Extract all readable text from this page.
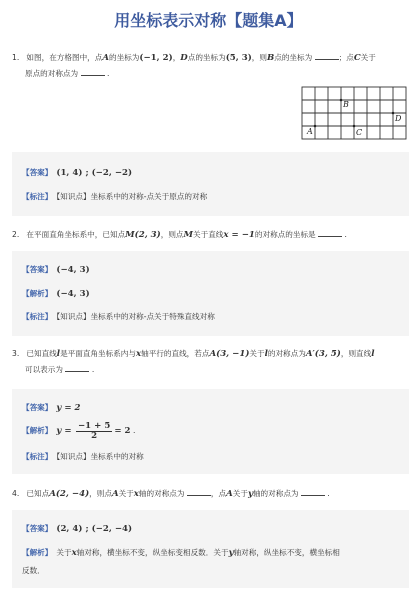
用坐标表示对称【题集A】
1. 如图，在方格图中，点A的坐标为(−1, 2)，D点的坐标为(5, 3)，则B点的坐标为	；点C关于
原点的对称点为	.
A
B
C
D
【答案】 (1, 4) ; (−2, −2)
【标注】 【知识点】坐标系中的对称-点关于原点的对称
2. 在平面直角坐标系中，已知点M(2, 3)，则点M关于直线x = −1的对称点的坐标是	.
【答案】 (−4, 3)
【解析】 (−4, 3)
【标注】 【知识点】坐标系中的对称-点关于特殊直线对称
3. 已知直线l是平面直角坐标系内与x轴平行的直线，若点A(3, −1)关于l的对称点为A′(3, 5)，则直线l
可以表示为	.
【答案】 y = 2
【解析】 $y = \frac{-1 + 5}{2} = 2$ .
【标注】 【知识点】坐标系中的对称
4. 已知点A(2, −4)，则点A关于x轴的对称点为	，点A关于y轴的对称点为	.
【答案】 (2, 4) ; (−2, −4)
【解析】 关于x轴对称，横坐标不变，纵坐标变相反数．关于y轴对称，纵坐标不变，横坐标相
反数．
